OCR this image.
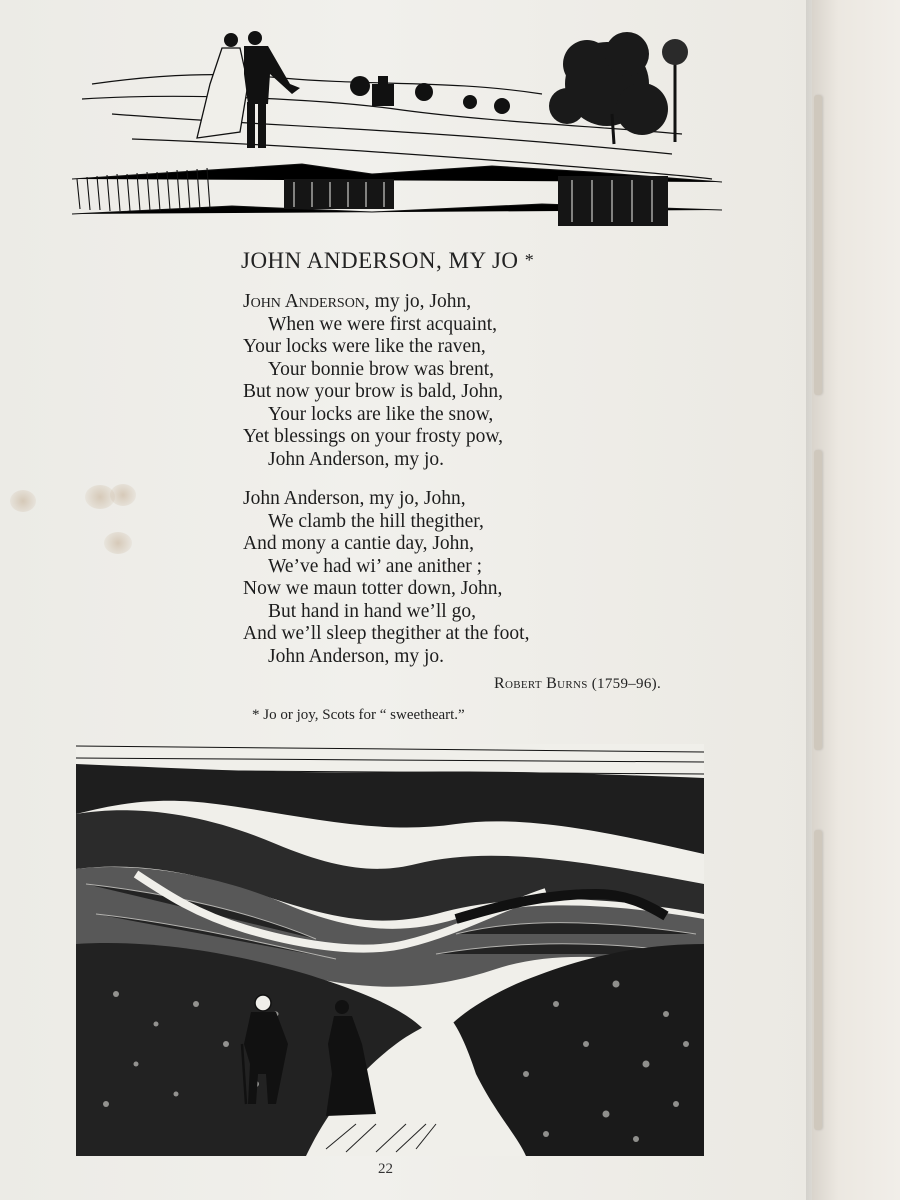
JOHN ANDERSON, MY JO *
John Anderson, my jo, John,
When we were first acquaint,
Your locks were like the raven,
Your bonnie brow was brent,
But now your brow is bald, John,
Your locks are like the snow,
Yet blessings on your frosty pow,
John Anderson, my jo.
John Anderson, my jo, John,
We clamb the hill thegither,
And mony a cantie day, John,
We’ve had wi’ ane anither ;
Now we maun totter down, John,
But hand in hand we’ll go,
And we’ll sleep thegither at the foot,
John Anderson, my jo.
Robert Burns (1759–96).
* Jo or joy, Scots for “ sweetheart.”
22
